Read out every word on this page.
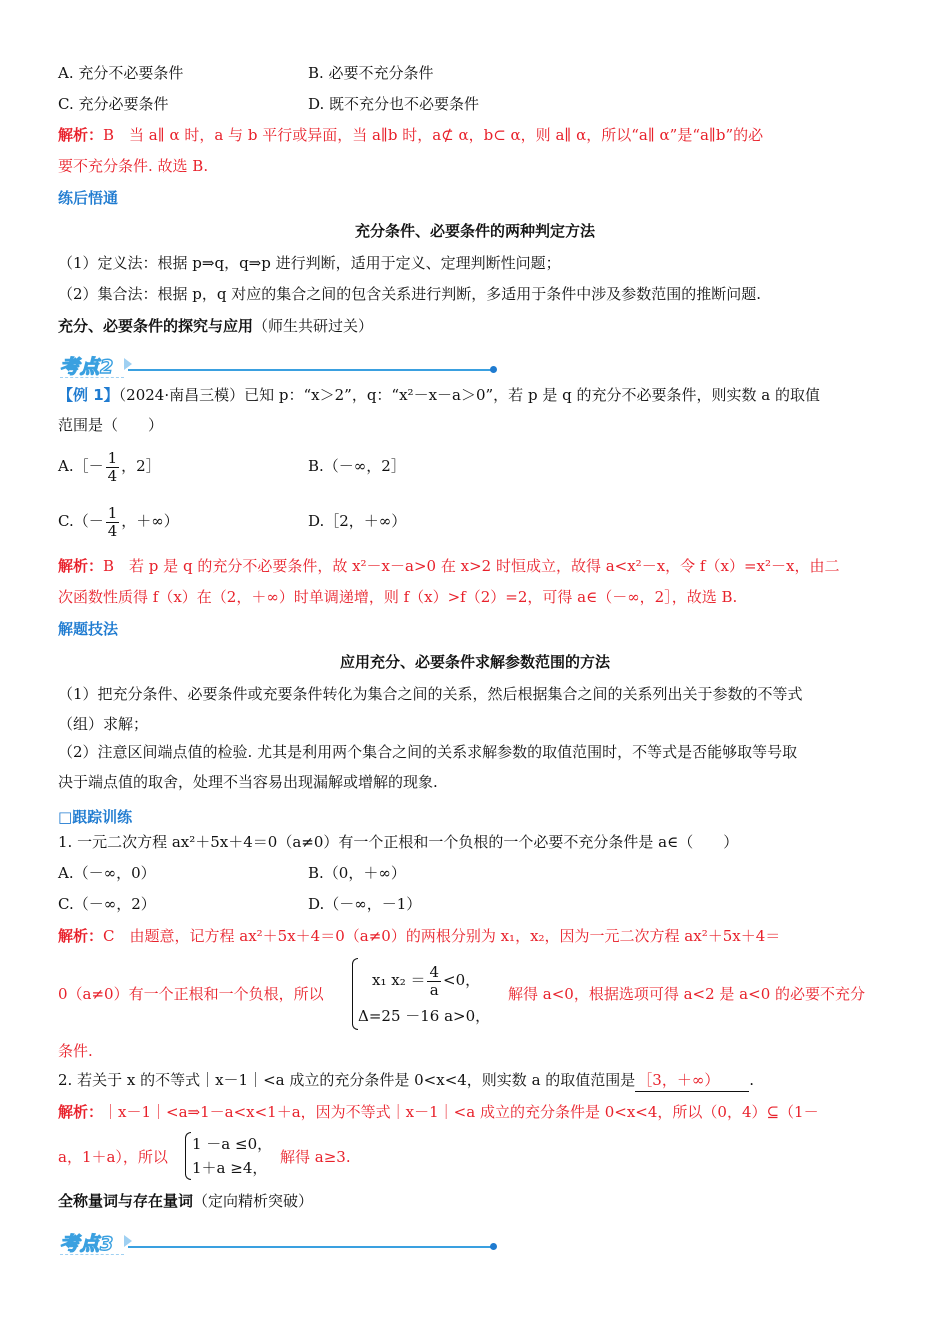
A. 充分不必要条件	B. 必要不充分条件
C. 充分必要条件	D. 既不充分也不必要条件
解析：B　当 a∥ α 时，a 与 b 平行或异面，当 a∥b 时，a⊄ α，b⊂ α，则 a∥ α，所以“a∥ α”是“a∥b”的必
要不充分条件. 故选 B.
练后悟通
充分条件、必要条件的两种判定方法
（1）定义法：根据 p⇒q，q⇒p 进行判断，适用于定义、定理判断性问题；
（2）集合法：根据 p，q 对应的集合之间的包含关系进行判断，多适用于条件中涉及参数范围的推断问题.
充分、必要条件的探究与应用（师生共研过关）
考点2
【例 1】（2024·南昌三模）已知 p：“x＞2”，q：“x²－x－a＞0”，若 p 是 q 的充分不必要条件，则实数 a 的取值
范围是（　　）
A.［－ $\frac{1}{4}$ ，2］	B.（－∞，2］
$C.(- \frac{1}{4}$ ，＋∞）	D.［2，＋∞）
解析：B　若 p 是 q 的充分不必要条件，故 x²－x－a>0 在 x>2 时恒成立，故得 a<x²－x，令 f（x）=x²－x，由二
次函数性质得 f（x）在（2，＋∞）时单调递增，则 f（x）>f（2）=2，可得 a∈（－∞，2］，故选 B.
解题技法
应用充分、必要条件求解参数范围的方法
（1）把充分条件、必要条件或充要条件转化为集合之间的关系，然后根据集合之间的关系列出关于参数的不等式
（组）求解；
（2）注意区间端点值的检验. 尤其是利用两个集合之间的关系求解参数的取值范围时，不等式是否能够取等号取
决于端点值的取舍，处理不当容易出现漏解或增解的现象.
□跟踪训练
1. 一元二次方程 ax²＋5x＋4＝0（a≠0）有一个正根和一个负根的一个必要不充分条件是 a∈（　　）
A.（－∞，0）	B.（0，＋∞）
C.（－∞，2）	D.（－∞，－1）
解析：C　由题意，记方程 ax²＋5x＋4＝0（a≠0）的两根分别为 x₁，x₂，因为一元二次方程 ax²＋5x＋4＝
0（a≠0）有一个正根和一个负根，所以
x₁ $x_2 = \frac{4}{a} <0$，
Δ=25 －16 a>0，
解得 a<0，根据选项可得 a<2 是 a<0 的必要不充分
条件.
2. 若关于 x 的不等式｜x－1｜<a 成立的充分条件是 0<x<4，则实数 a 的取值范围是 ［3，＋∞） .
解析：｜x－1｜<a⇒1－a<x<1＋a，因为不等式｜x－1｜<a 成立的充分条件是 0<x<4，所以（0，4）⊆（1－
a，1＋a），所以
1 －a ≤0，
1＋a ≥4，
解得 a≥3.
全称量词与存在量词（定向精析突破）
考点3
